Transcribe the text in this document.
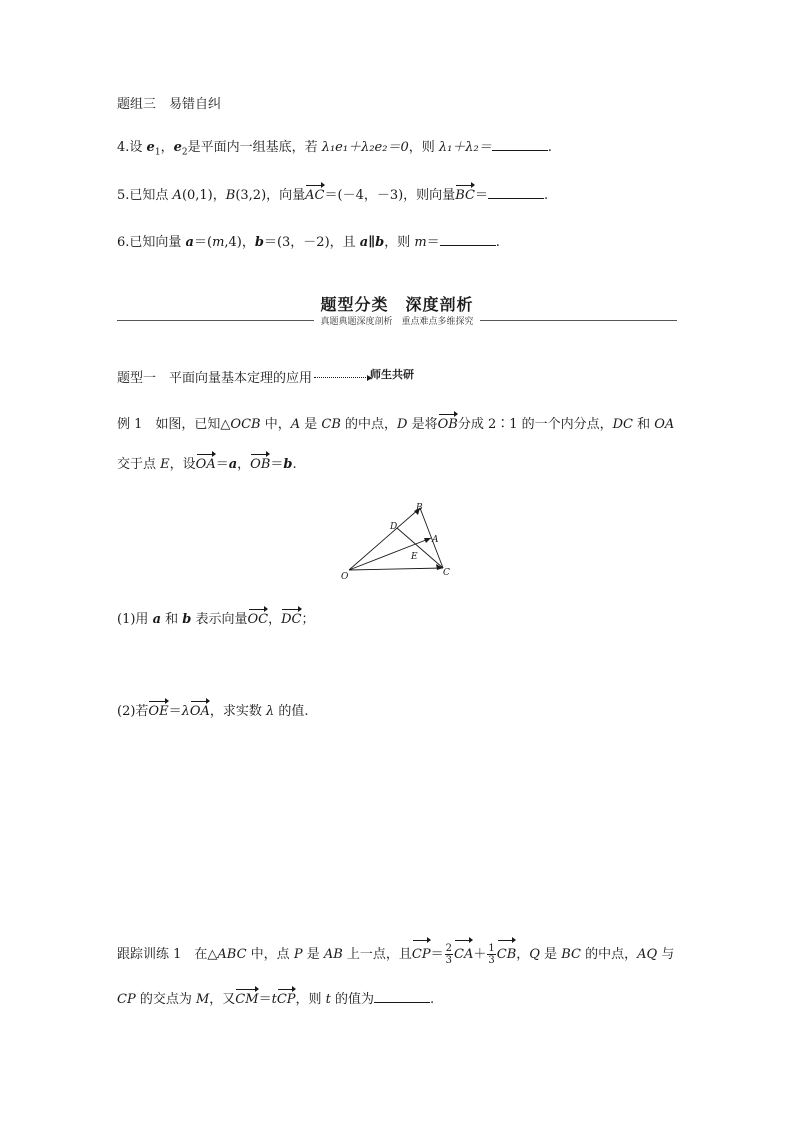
题组三　易错自纠
4.设 $e_1$，$e_2$是平面内一组基底，若 λ₁e₁＋λ₂e₂＝0，则 λ₁＋λ₂＝	.
5.已知点 A(0,1)，B(3,2)，向量AC＝(－4，－3)，则向量BC＝	.
6.已知向量 a＝(m,4)，b＝(3，－2)，且 a∥b，则 m＝	.
题型分类　深度剖析
真题典题深度剖析　重点难点多维探究
题型一　平面向量基本定理的应用	$^{师生共研}$
例 1　如图，已知△OCB 中，A 是 CB 的中点，D 是将OB分成 2∶1 的一个内分点，DC 和 OA
交于点 E，设OA＝a，OB＝b.
O
B
D
A
E
C
(1)用 a 和 b 表示向量OC，DC；
(2)若OE＝λOA，求实数 λ 的值.
跟踪训练 1　在△ABC 中，点 P 是 AB 上一点，且$CP= \frac{2}{3} CA+ \frac{1}{3}$ CB，Q 是 BC 的中点，AQ 与
CP 的交点为 M，又CM＝tCP，则 t 的值为	.
